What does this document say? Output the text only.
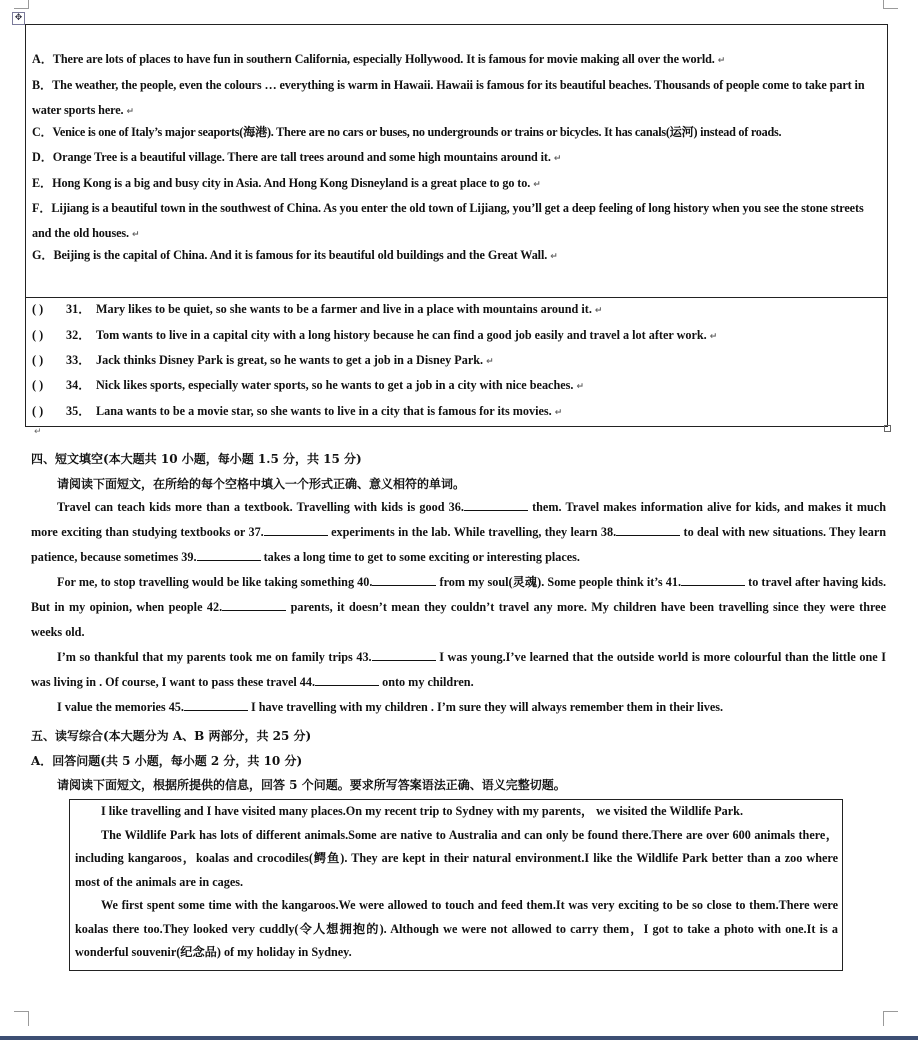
✥

A．There are lots of places to have fun in southern California, especially Hollywood. It is famous for movie making all over the world. ↵

B．The weather, the people, even the colours … everything is warm in Hawaii. Hawaii is famous for its beautiful beaches. Thousands of people come to take part in water sports here. ↵

C．Venice is one of Italy’s major seaports(海港). There are no cars or buses, no undergrounds or trains or bicycles. It has canals(运河) instead of roads.

D．Orange Tree is a beautiful village. There are tall trees around and some high mountains around it. ↵

E．Hong Kong is a big and busy city in Asia. And Hong Kong Disneyland is a great place to go to. ↵

F．Lijiang is a beautiful town in the southwest of China. As you enter the old town of Lijiang, you’ll get a deep feeling of long history when you see the stone streets and the old houses. ↵

G．Beijing is the capital of China. And it is famous for its beautiful old buildings and the Great Wall. ↵

( ) 31． Mary likes to be quiet, so she wants to be a farmer and live in a place with mountains around it. ↵
( ) 32． Tom wants to live in a capital city with a long history because he can find a good job easily and travel a lot after work. ↵
( ) 33． Jack thinks Disney Park is great, so he wants to get a job in a Disney Park. ↵
( ) 34． Nick likes sports, especially water sports, so he wants to get a job in a city with nice beaches. ↵
( ) 35． Lana wants to be a movie star, so she wants to live in a city that is famous for its movies. ↵
↵
四、短文填空(本大题共 10 小题，每小题 1.5 分，共 15 分)
请阅读下面短文，在所给的每个空格中填入一个形式正确、意义相符的单词。

Travel can teach kids more than a textbook. Travelling with kids is good 36.	them. Travel makes information alive for kids, and makes it much more exciting than studying textbooks or 37.	experiments in the lab. While travelling, they learn 38.	to deal with new situations. They learn patience, because sometimes 39.	takes a long time to get to some exciting or interesting places.

For me, to stop travelling would be like taking something 40.	from my soul(灵魂). Some people think it’s 41.	to travel after having kids. But in my opinion, when people 42.	parents, it doesn’t mean they couldn’t travel any more. My children have been travelling since they were three weeks old.

I’m so thankful that my parents took me on family trips 43.	I was young.I’ve learned that the outside world is more colourful than the little one I was living in . Of course, I want to pass these travel 44.	onto my children.

I value the memories 45.	I have travelling with my children . I’m sure they will always remember them in their lives.

五、读写综合(本大题分为 A、B 两部分，共 25 分)
A．回答问题(共 5 小题，每小题 2 分，共 10 分)
请阅读下面短文，根据所提供的信息，回答 5 个问题。要求所写答案语法正确、语义完整切题。

I like travelling and I have visited many places.On my recent trip to Sydney with my parents， we visited the Wildlife Park.

The Wildlife Park has lots of different animals.Some are native to Australia and can only be found there.There are over 600 animals there，including kangaroos，koalas and crocodiles(鳄鱼). They are kept in their natural environment.I like the Wildlife Park better than a zoo where most of the animals are in cages.

We first spent some time with the kangaroos.We were allowed to touch and feed them.It was very exciting to be so close to them.There were koalas there too.They looked very cuddly(令人想拥抱的). Although we were not allowed to carry them，I got to take a photo with one.It is a wonderful souvenir(纪念品) of my holiday in Sydney.
